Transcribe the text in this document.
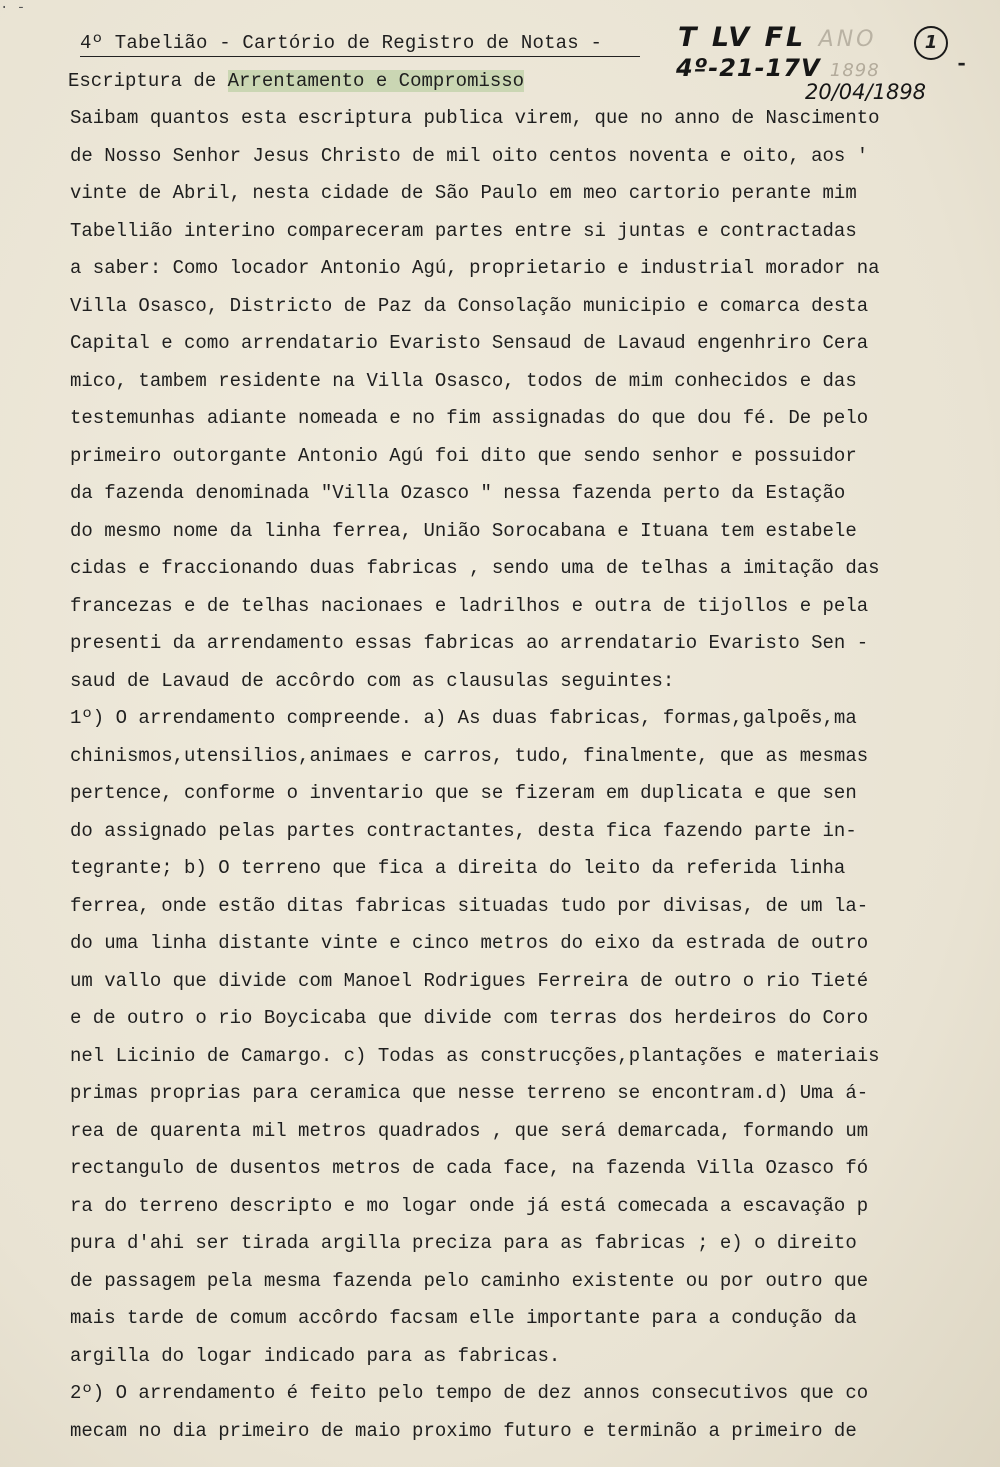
· -
4º Tabelião - Cartório de Registro de Notas -
Escriptura de Arrentamento e Compromisso
T LV FL ANO
4º-21-17V 1898
20/04/1898
1
-
Saibam quantos esta escriptura publica virem, que no anno de Nascimento
de Nosso Senhor Jesus Christo de mil oito centos noventa e oito, aos '
vinte de Abril, nesta cidade de São Paulo em meo cartorio perante mim
Tabellião interino compareceram partes entre si juntas e contractadas
a saber: Como locador Antonio Agú, proprietario e industrial morador na
Villa Osasco, Districto de Paz da Consolação municipio e comarca desta
Capital e como arrendatario Evaristo Sensaud de Lavaud engenhriro Cera
mico, tambem residente na Villa Osasco, todos de mim conhecidos e das
testemunhas adiante nomeada e no fim assignadas do que dou fé. De pelo
primeiro outorgante Antonio Agú foi dito que sendo senhor e possuidor
da fazenda denominada "Villa Ozasco " nessa fazenda perto da Estação
do mesmo nome da linha ferrea, União Sorocabana e Ituana tem estabele
cidas e fraccionando duas fabricas , sendo uma de telhas a imitação das
francezas e de telhas nacionaes e ladrilhos e outra de tijollos e pela
presenti da arrendamento essas fabricas ao arrendatario Evaristo Sen -
saud de Lavaud de accôrdo com as clausulas seguintes:
1º) O arrendamento compreende. a) As duas fabricas, formas,galpoẽs,ma
chinismos,utensilios,animaes e carros, tudo, finalmente, que as mesmas
pertence, conforme o inventario que se fizeram em duplicata e que sen
do assignado pelas partes contractantes, desta fica fazendo parte in-
tegrante; b) O terreno que fica a direita do leito da referida linha
ferrea, onde estão ditas fabricas situadas tudo por divisas, de um la-
do uma linha distante vinte e cinco metros do eixo da estrada de outro
um vallo que divide com Manoel Rodrigues Ferreira de outro o rio Tieté
e de outro o rio Boycicaba que divide com terras dos herdeiros do Coro
nel Licinio de Camargo. c) Todas as construcções,plantações e materiais
primas proprias para ceramica que nesse terreno se encontram.d) Uma á-
rea de quarenta mil metros quadrados , que será demarcada, formando um
rectangulo de dusentos metros de cada face, na fazenda Villa Ozasco fó
ra do terreno descripto e mo logar onde já está comecada a escavação p
pura d'ahi ser tirada argilla preciza para as fabricas ; e) o direito
de passagem pela mesma fazenda pelo caminho existente ou por outro que
mais tarde de comum accôrdo facsam elle importante para a condução da
argilla do logar indicado para as fabricas.
2º) O arrendamento é feito pelo tempo de dez annos consecutivos que co
mecam no dia primeiro de maio proximo futuro e terminão a primeiro de
